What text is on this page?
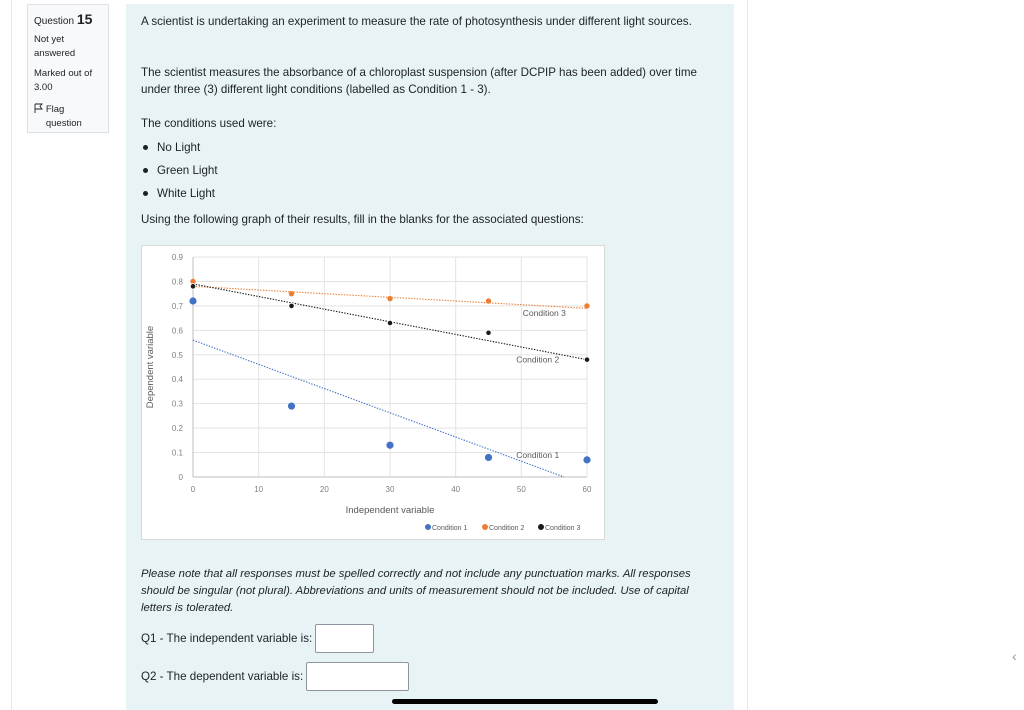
‹
Question 15
Not yet answered
Marked out of 3.00
Flag question
A scientist is undertaking an experiment to measure the rate of photosynthesis under different light sources.
The scientist measures the absorbance of a chloroplast suspension (after DCPIP has been added) over time under three (3) different light conditions (labelled as Condition 1 - 3).
The conditions used were:
No Light
Green Light
White Light
Using the following graph of their results, fill in the blanks for the associated questions:
0
0.1
0.2
0.3
0.4
0.5
0.6
0.7
0.8
0.9
0	10	20	30	40	50	60
Independent variable
Dependent variable
Condition 1
Condition 3
Condition 2
Condition 1	Condition 2	Condition 3
Please note that all responses must be spelled correctly and not include any punctuation marks. All responses should be singular (not plural). Abbreviations and units of measurement should not be included. Use of capital letters is tolerated.
Q1 - The independent variable is:
Q2 - The dependent variable is:
